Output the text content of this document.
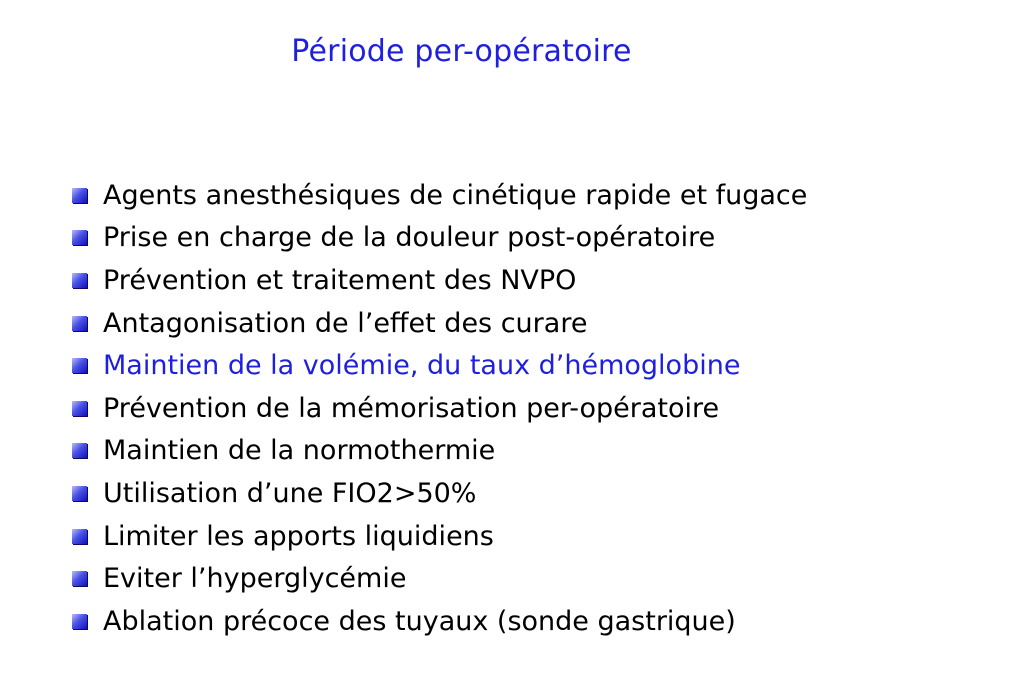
Période per-opératoire
Agents anesthésiques de cinétique rapide et fugace
Prise en charge de la douleur post-opératoire
Prévention et traitement des NVPO
Antagonisation de l’effet des curare
Maintien de la volémie, du taux d’hémoglobine
Prévention de la mémorisation per-opératoire
Maintien de la normothermie
Utilisation d’une FIO2>50%
Limiter les apports liquidiens
Eviter l’hyperglycémie
Ablation précoce des tuyaux (sonde gastrique)
